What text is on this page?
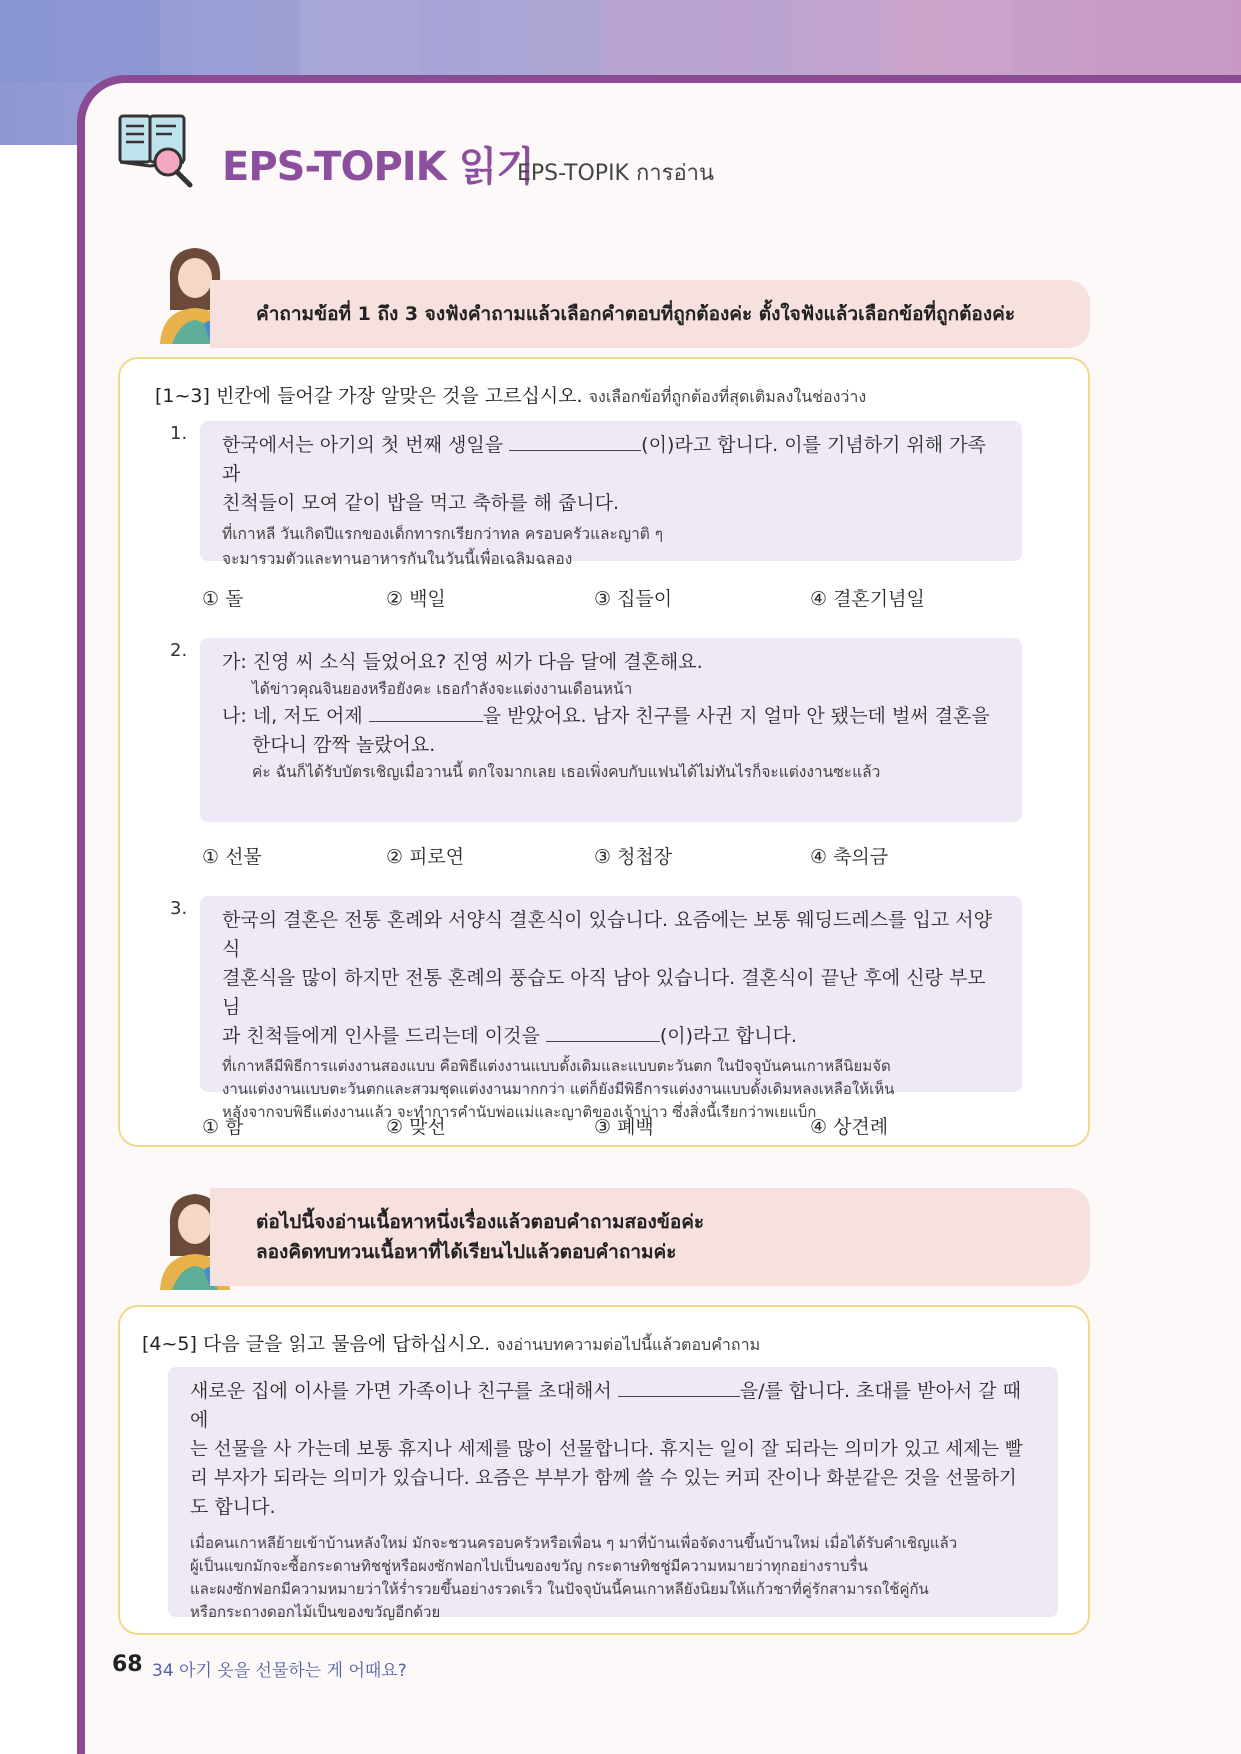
EPS-TOPIK 읽기
EPS-TOPIK การอ่าน
คำถามข้อที่ 1 ถึง 3 จงฟังคำถามแล้วเลือกคำตอบที่ถูกต้องค่ะ ตั้งใจฟังแล้วเลือกข้อที่ถูกต้องค่ะ
[1~3] 빈칸에 들어갈 가장 알맞은 것을 고르십시오. จงเลือกข้อที่ถูกต้องที่สุดเติมลงในช่องว่าง
1.
한국에서는 아기의 첫 번째 생일을	(이)라고 합니다. 이를 기념하기 위해 가족과
친척들이 모여 같이 밥을 먹고 축하를 해 줍니다.
ที่เกาหลี วันเกิดปีแรกของเด็กทารกเรียกว่าทล ครอบครัวและญาติ ๆ
จะมารวมตัวและทานอาหารกันในวันนี้เพื่อเฉลิมฉลอง
① 돌	② 백일	③ 집들이	④ 결혼기념일
2.
가: 진영 씨 소식 들었어요? 진영 씨가 다음 달에 결혼해요.
ได้ข่าวคุณจินยองหรือยังคะ เธอกำลังจะแต่งงานเดือนหน้า
나: 네, 저도 어제	을 받았어요. 남자 친구를 사귄 지 얼마 안 됐는데 벌써 결혼을
한다니 깜짝 놀랐어요.
ค่ะ ฉันก็ได้รับบัตรเชิญเมื่อวานนี้ ตกใจมากเลย เธอเพิ่งคบกับแฟนได้ไม่ทันไรก็จะแต่งงานซะแล้ว
① 선물	② 피로연	③ 청첩장	④ 축의금
3.
한국의 결혼은 전통 혼례와 서양식 결혼식이 있습니다. 요즘에는 보통 웨딩드레스를 입고 서양식
결혼식을 많이 하지만 전통 혼례의 풍습도 아직 남아 있습니다. 결혼식이 끝난 후에 신랑 부모님
과 친척들에게 인사를 드리는데 이것을	(이)라고 합니다.
ที่เกาหลีมีพิธีการแต่งงานสองแบบ คือพิธีแต่งงานแบบดั้งเดิมและแบบตะวันตก ในปัจจุบันคนเกาหลีนิยมจัด
งานแต่งงานแบบตะวันตกและสวมชุดแต่งงานมากกว่า แต่ก็ยังมีพิธีการแต่งงานแบบดั้งเดิมหลงเหลือให้เห็น
หลังจากจบพิธีแต่งงานแล้ว จะทำการคำนับพ่อแม่และญาติของเจ้าบ่าว ซึ่งสิ่งนี้เรียกว่าพเยแบ็ก
① 함	② 맞선	③ 폐백	④ 상견례
ต่อไปนี้จงอ่านเนื้อหาหนึ่งเรื่องแล้วตอบคำถามสองข้อค่ะ
ลองคิดทบทวนเนื้อหาที่ได้เรียนไปแล้วตอบคำถามค่ะ
[4~5] 다음 글을 읽고 물음에 답하십시오. จงอ่านบทความต่อไปนี้แล้วตอบคำถาม
새로운 집에 이사를 가면 가족이나 친구를 초대해서	을/를 합니다. 초대를 받아서 갈 때에
는 선물을 사 가는데 보통 휴지나 세제를 많이 선물합니다. 휴지는 일이 잘 되라는 의미가 있고 세제는 빨
리 부자가 되라는 의미가 있습니다. 요즘은 부부가 함께 쓸 수 있는 커피 잔이나 화분같은 것을 선물하기
도 합니다.
เมื่อคนเกาหลีย้ายเข้าบ้านหลังใหม่ มักจะชวนครอบครัวหรือเพื่อน ๆ มาที่บ้านเพื่อจัดงานขึ้นบ้านใหม่ เมื่อได้รับคำเชิญแล้ว
ผู้เป็นแขกมักจะซื้อกระดาษทิชชู่หรือผงซักฟอกไปเป็นของขวัญ กระดาษทิชชู่มีความหมายว่าทุกอย่างราบรื่น
และผงซักฟอกมีความหมายว่าให้ร่ำรวยขึ้นอย่างรวดเร็ว ในปัจจุบันนี้คนเกาหลียังนิยมให้แก้วชาที่คู่รักสามารถใช้คู่กัน
หรือกระถางดอกไม้เป็นของขวัญอีกด้วย
68 34 아기 옷을 선물하는 게 어때요?
